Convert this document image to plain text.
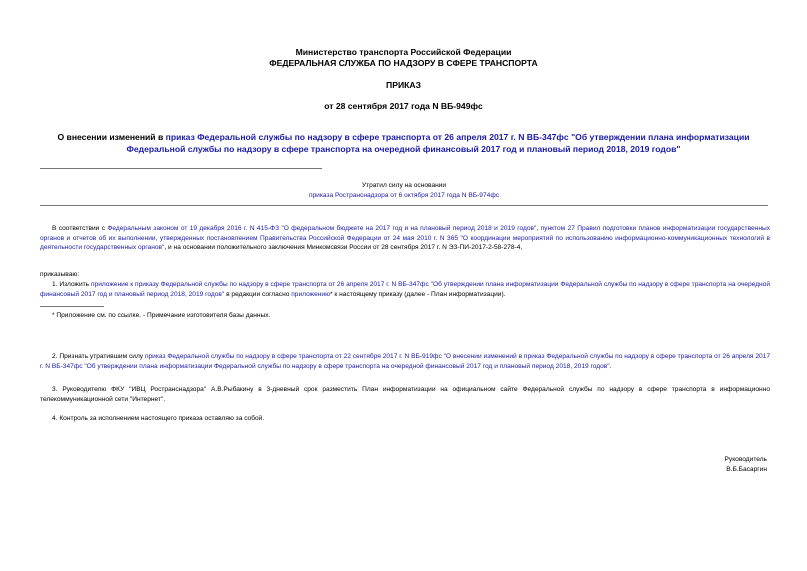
Министерство транспорта Российской Федерации
ФЕДЕРАЛЬНАЯ СЛУЖБА ПО НАДЗОРУ В СФЕРЕ ТРАНСПОРТА
ПРИКАЗ
от 28 сентября 2017 года N ВБ-949фс
О внесении изменений в приказ Федеральной службы по надзору в сфере транспорта от 26 апреля 2017 г. N ВБ-347фс "Об утверждении плана информатизации Федеральной службы по надзору в сфере транспорта на очередной финансовый 2017 год и плановый период 2018, 2019 годов"
Утратил силу на основании
приказа Ространснадзора от 6 октября 2017 года N ВБ-974фс
В соответствии с Федеральным законом от 19 декабря 2016 г. N 415-ФЗ "О федеральном бюджете на 2017 год и на плановый период 2018 и 2019 годов", пунктом 27 Правил подготовки планов информатизации государственных органов и отчетов об их выполнении, утвержденных постановлением Правительства Российской Федерации от 24 мая 2010 г. N 365 "О координации мероприятий по использованию информационно-коммуникационных технологий в деятельности государственных органов", и на основании положительного заключения Минкомсвязи России от 28 сентября 2017 г. N ЭЗ-ПИ-2017-2-58-278-4,
приказываю:
1. Изложить приложение к приказу Федеральной службы по надзору в сфере транспорта от 26 апреля 2017 г. N ВБ-347фс "Об утверждении плана информатизации Федеральной службы по надзору в сфере транспорта на очередной финансовый 2017 год и плановый период 2018, 2019 годов" в редакции согласно приложению* к настоящему приказу (далее - План информатизации).
* Приложение см. по ссылке. - Примечание изготовителя базы данных.
2. Признать утратившим силу приказ Федеральной службы по надзору в сфере транспорта от 22 сентября 2017 г. N ВБ-919фс "О внесении изменений в приказ Федеральной службы по надзору в сфере транспорта от 26 апреля 2017 г. N ВБ-347фс "Об утверждении плана информатизации Федеральной службы по надзору в сфере транспорта на очередной финансовый 2017 год и плановый период 2018, 2019 годов".
3. Руководителю ФКУ "ИВЦ Ространснадзора" А.В.Рыбакину в 3-дневный срок разместить План информатизации на официальном сайте Федеральной службы по надзору в сфере транспорта в информационно телекоммуникационной сети "Интернет".
4. Контроль за исполнением настоящего приказа оставляю за собой.
Руководитель
В.Б.Басаргин
